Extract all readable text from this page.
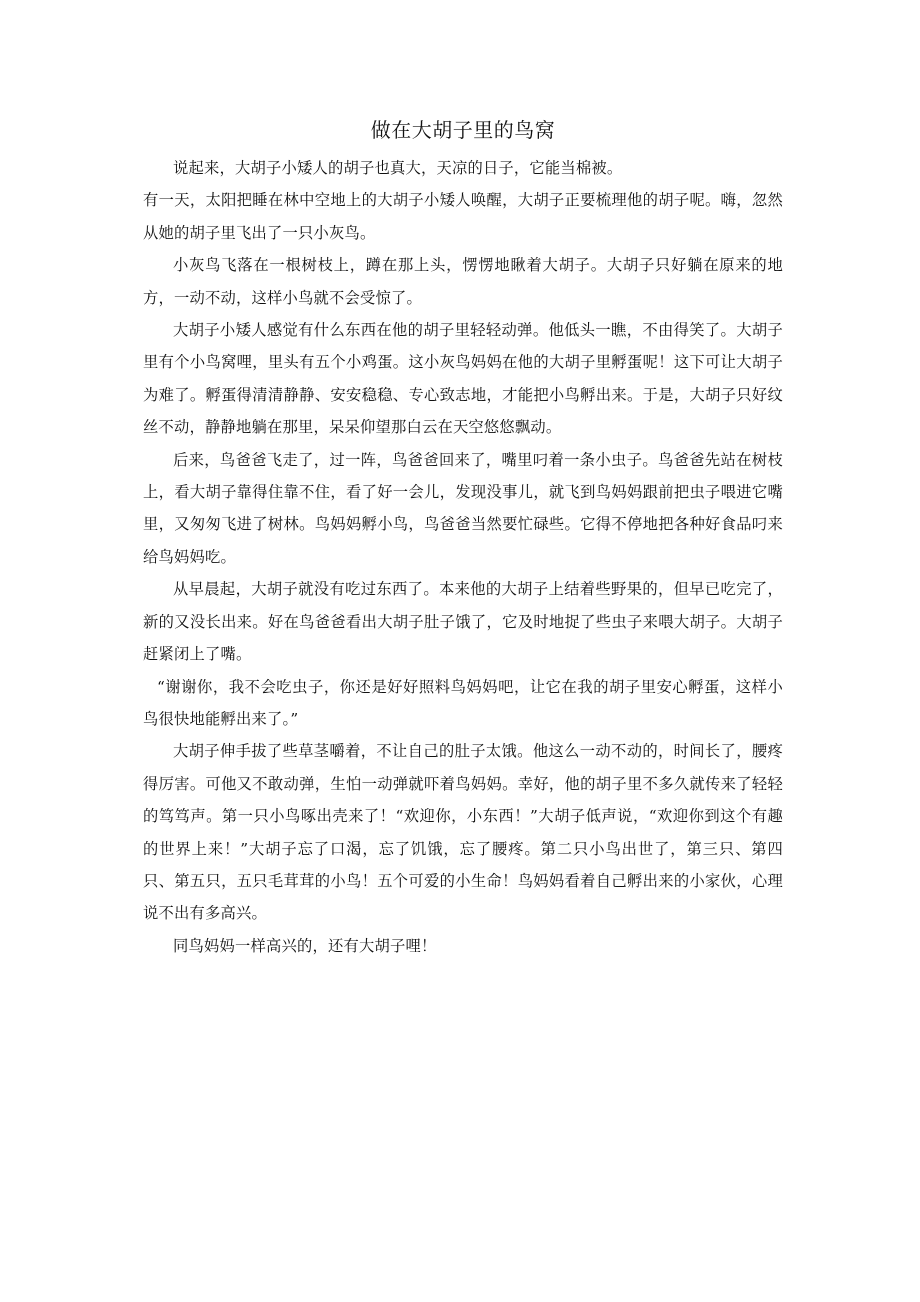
做在大胡子里的鸟窝

说起来，大胡子小矮人的胡子也真大，天凉的日子，它能当棉被。

有一天，太阳把睡在林中空地上的大胡子小矮人唤醒，大胡子正要梳理他的胡子呢。嗨，忽然从她的胡子里飞出了一只小灰鸟。

小灰鸟飞落在一根树枝上，蹲在那上头，愣愣地瞅着大胡子。大胡子只好躺在原来的地方，一动不动，这样小鸟就不会受惊了。

大胡子小矮人感觉有什么东西在他的胡子里轻轻动弹。他低头一瞧，不由得笑了。大胡子里有个小鸟窝哩，里头有五个小鸡蛋。这小灰鸟妈妈在他的大胡子里孵蛋呢！这下可让大胡子为难了。孵蛋得清清静静、安安稳稳、专心致志地，才能把小鸟孵出来。于是，大胡子只好纹丝不动，静静地躺在那里，呆呆仰望那白云在天空悠悠飘动。

后来，鸟爸爸飞走了，过一阵，鸟爸爸回来了，嘴里叼着一条小虫子。鸟爸爸先站在树枝上，看大胡子靠得住靠不住，看了好一会儿，发现没事儿，就飞到鸟妈妈跟前把虫子喂进它嘴里，又匆匆飞进了树林。鸟妈妈孵小鸟，鸟爸爸当然要忙碌些。它得不停地把各种好食品叼来给鸟妈妈吃。

从早晨起，大胡子就没有吃过东西了。本来他的大胡子上结着些野果的，但早已吃完了，新的又没长出来。好在鸟爸爸看出大胡子肚子饿了，它及时地捉了些虫子来喂大胡子。大胡子赶紧闭上了嘴。

“谢谢你，我不会吃虫子，你还是好好照料鸟妈妈吧，让它在我的胡子里安心孵蛋，这样小鸟很快地能孵出来了。”

大胡子伸手拔了些草茎嚼着，不让自己的肚子太饿。他这么一动不动的，时间长了，腰疼得厉害。可他又不敢动弹，生怕一动弹就吓着鸟妈妈。幸好，他的胡子里不多久就传来了轻轻的笃笃声。第一只小鸟啄出壳来了！“欢迎你，小东西！”大胡子低声说，“欢迎你到这个有趣的世界上来！”大胡子忘了口渴，忘了饥饿，忘了腰疼。第二只小鸟出世了，第三只、第四只、第五只，五只毛茸茸的小鸟！五个可爱的小生命！鸟妈妈看着自己孵出来的小家伙，心理说不出有多高兴。

同鸟妈妈一样高兴的，还有大胡子哩！
